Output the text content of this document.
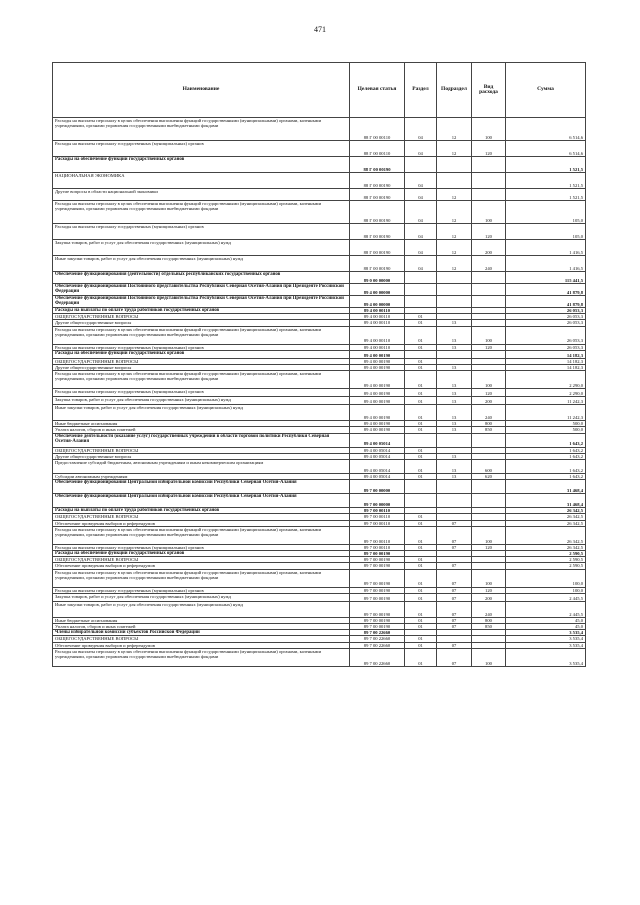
471
Наименование	Целевая статья	Раздел	Подраздел	Вид расхода	Сумма
Расходы на выплаты персоналу в целях обеспечения выполнения функций государственными (муниципальными) органами, казенными учреждениями, органами управления государственными внебюджетными фондами	88 Г 00 00110	04	12	100	6 514,6
Расходы на выплаты персоналу государственных (муниципальных) органов	88 Г 00 00110	04	12	120	6 514,6
Расходы на обеспечение функций государственных органов	88 Г 00 00190				1 521,5
НАЦИОНАЛЬНАЯ ЭКОНОМИКА	88 Г 00 00190	04			1 521,5
Другие вопросы в области национальной экономики	88 Г 00 00190	04	12		1 521,5
Расходы на выплаты персоналу в целях обеспечения выполнения функций государственными (муниципальными) органами, казенными учреждениями, органами управления государственными внебюджетными фондами	88 Г 00 00190	04	12	100	105,0
Расходы на выплаты персоналу государственных (муниципальных) органов	88 Г 00 00190	04	12	120	105,0
Закупка товаров, работ и услуг для обеспечения государственных (муниципальных) нужд	88 Г 00 00190	04	12	200	1 416,5
Иные закупки товаров, работ и услуг для обеспечения государственных (муниципальных) нужд	88 Г 00 00190	04	12	240	1 416,5
Обеспечение функционирования (деятельности) отдельных республиканских государственных органов	89 0 00 00000				115 441,5
Обеспечение функционирования Постоянного представительства Республики Северная Осетия-Алания при Президенте Российской Федерации	89 4 00 00000				41 879,8
Обеспечение функционирования Постоянного представительства Республики Северная Осетия-Алания при Президенте Российской Федерации	89 4 00 00000				41 879,8
Расходы на выплаты по оплате труда работников государственных органов	89 4 00 00110				26 053,3
ОБЩЕГОСУДАРСТВЕННЫЕ ВОПРОСЫ	89 4 00 00110	01			26 053,3
Другие общегосударственные вопросы	89 4 00 00110	01	13		26 053,3
Расходы на выплаты персоналу в целях обеспечения выполнения функций государственными (муниципальными) органами, казенными учреждениями, органами управления государственными внебюджетными фондами	89 4 00 00110	01	13	100	26 053,3
Расходы на выплаты персоналу государственных (муниципальных) органов	89 4 00 00110	01	13	120	26 053,3
Расходы на обеспечение функций государственных органов	89 4 00 00190				14 182,3
ОБЩЕГОСУДАРСТВЕННЫЕ ВОПРОСЫ	89 4 00 00190	01			14 182,3
Другие общегосударственные вопросы	89 4 00 00190	01	13		14 182,3
Расходы на выплаты персоналу в целях обеспечения выполнения функций государственными (муниципальными) органами, казенными учреждениями, органами управления государственными внебюджетными фондами	89 4 00 00190	01	13	100	2 290,0
Расходы на выплаты персоналу государственных (муниципальных) органов	89 4 00 00190	01	13	120	2 290,0
Закупка товаров, работ и услуг для обеспечения государственных (муниципальных) нужд	89 4 00 00190	01	13	200	11 242,3
Иные закупки товаров, работ и услуг для обеспечения государственных (муниципальных) нужд	89 4 00 00190	01	13	240	11 242,3
Иные бюджетные ассигнования	89 4 00 00190	01	13	800	500,0
Уплата налогов, сборов и иных платежей	89 4 00 00190	01	13	850	500,0
Обеспечение деятельности (оказание услуг) государственных учреждений в области торговой политики Республики Северная Осетия-Алания	89 4 00 05014				1 643,2
ОБЩЕГОСУДАРСТВЕННЫЕ ВОПРОСЫ	89 4 00 05014	01			1 643,2
Другие общегосударственные вопросы	89 4 00 05014	01	13		1 643,2
Предоставление субсидий бюджетным, автономным учреждениям и иным некоммерческим организациям	89 4 00 05014	01	13	600	1 643,2
Субсидии автономным учреждениям	89 4 00 05014	01	13	620	1 643,2
Обеспечение функционирования Центральной избирательной комиссии Республики Северная Осетия-Алания	89 7 00 00000				31 468,4
Обеспечение функционирования Центральной избирательной комиссии Республики Северная Осетия-Алания	89 7 00 00000				31 468,4
Расходы на выплаты по оплате труда работников государственных органов	89 7 00 00110				26 342,5
ОБЩЕГОСУДАРСТВЕННЫЕ ВОПРОСЫ	89 7 00 00110	01			26 342,5
Обеспечение проведения выборов и референдумов	89 7 00 00110	01	07		26 342,5
Расходы на выплаты персоналу в целях обеспечения выполнения функций государственными (муниципальными) органами, казенными учреждениями, органами управления государственными внебюджетными фондами	89 7 00 00110	01	07	100	26 342,5
Расходы на выплаты персоналу государственных (муниципальных) органов	89 7 00 00110	01	07	120	26 342,5
Расходы на обеспечение функций государственных органов	89 7 00 00190				2 590,5
ОБЩЕГОСУДАРСТВЕННЫЕ ВОПРОСЫ	89 7 00 00190	01			2 590,5
Обеспечение проведения выборов и референдумов	89 7 00 00190	01	07		2 590,5
Расходы на выплаты персоналу в целях обеспечения выполнения функций государственными (муниципальными) органами, казенными учреждениями, органами управления государственными внебюджетными фондами	89 7 00 00190	01	07	100	100,0
Расходы на выплаты персоналу государственных (муниципальных) органов	89 7 00 00190	01	07	120	100,0
Закупка товаров, работ и услуг для обеспечения государственных (муниципальных) нужд	89 7 00 00190	01	07	200	2 445,5
Иные закупки товаров, работ и услуг для обеспечения государственных (муниципальных) нужд	89 7 00 00190	01	07	240	2 445,5
Иные бюджетные ассигнования	89 7 00 00190	01	07	800	45,0
Уплата налогов, сборов и иных платежей	89 7 00 00190	01	07	850	45,0
Члены избирательной комиссии субъектов Российской Федерации	89 7 00 22660				3 535,4
ОБЩЕГОСУДАРСТВЕННЫЕ ВОПРОСЫ	89 7 00 22660	01			3 535,4
Обеспечение проведения выборов и референдумов	89 7 00 22660	01	07		3 535,4
Расходы на выплаты персоналу в целях обеспечения выполнения функций государственными (муниципальными) органами, казенными учреждениями, органами управления государственными внебюджетными фондами	89 7 00 22660	01	07	100	3 535,4
